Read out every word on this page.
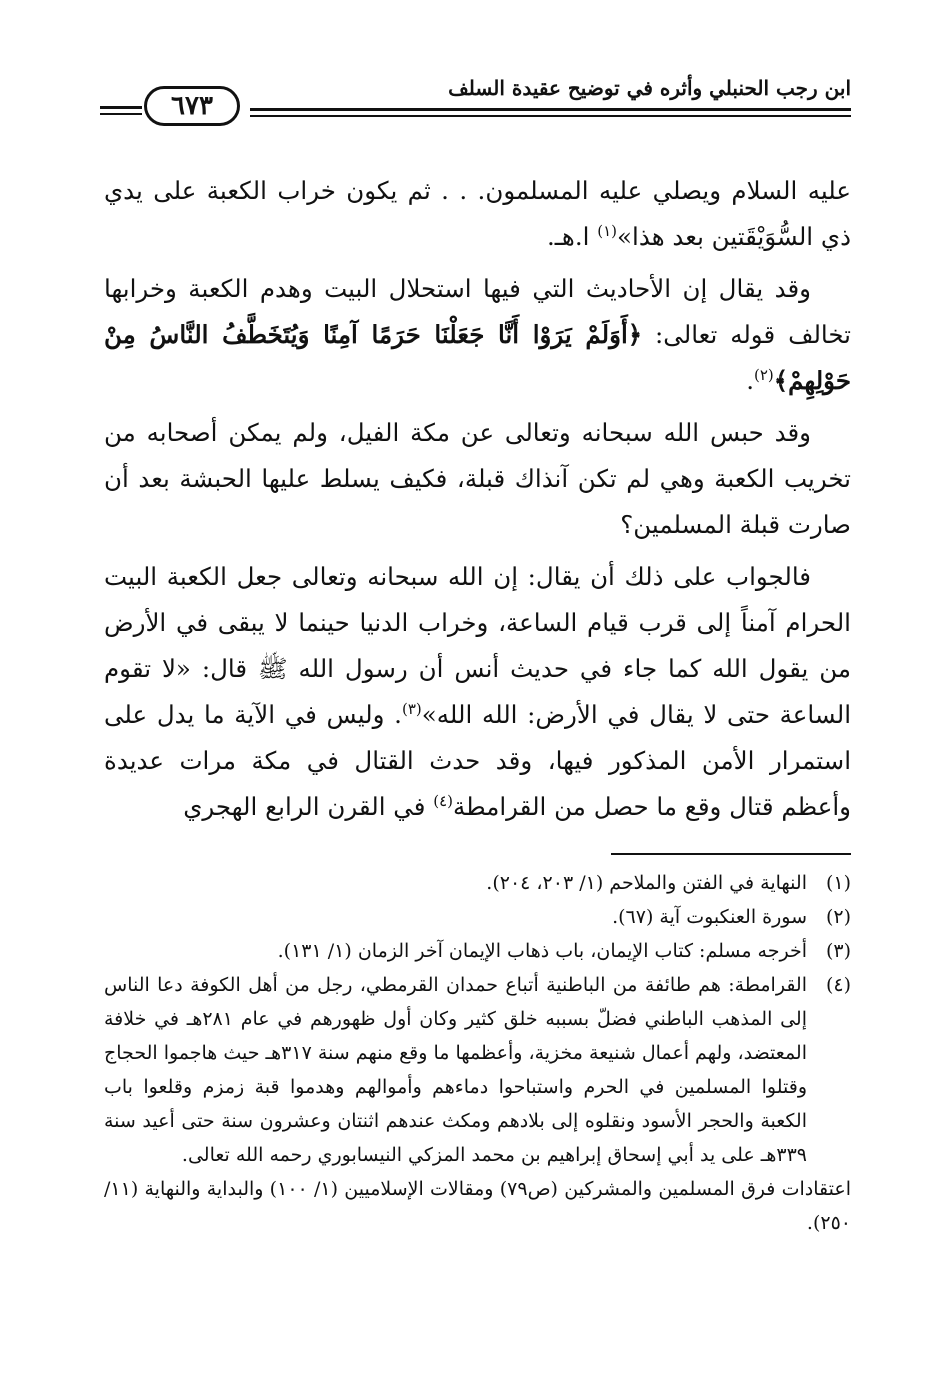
ابن رجب الحنبلي وأثره في توضيح عقيدة السلف
٦٧٣

عليه السلام ويصلي عليه المسلمون. . . ثم يكون خراب الكعبة على يدي ذي السُّوَيْقَتين بعد هذا»$^{(١)}$ ا.هـ.

وقد يقال إن الأحاديث التي فيها استحلال البيت وهدم الكعبة وخرابها تخالف قوله تعالى: ﴿أَوَلَمْ يَرَوْا أَنَّا جَعَلْنَا حَرَمًا آمِنًا وَيُتَخَطَّفُ النَّاسُ مِنْ حَوْلِهِمْ﴾$^{(٢)}$.

وقد حبس الله سبحانه وتعالى عن مكة الفيل، ولم يمكن أصحابه من تخريب الكعبة وهي لم تكن آنذاك قبلة، فكيف يسلط عليها الحبشة بعد أن صارت قبلة المسلمين؟

فالجواب على ذلك أن يقال: إن الله سبحانه وتعالى جعل الكعبة البيت الحرام آمناً إلى قرب قيام الساعة، وخراب الدنيا حينما لا يبقى في الأرض من يقول الله كما جاء في حديث أنس أن رسول الله ﷺ قال: «لا تقوم الساعة حتى لا يقال في الأرض: الله الله»$^{(٣)}$. وليس في الآية ما يدل على استمرار الأمن المذكور فيها، وقد حدث القتال في مكة مرات عديدة وأعظم قتال وقع ما حصل من القرامطة$^{(٤)}$ في القرن الرابع الهجري

(١)
النهاية في الفتن والملاحم (١/ ٢٠٣، ٢٠٤).
(٢)
سورة العنكبوت آية (٦٧).
(٣)
أخرجه مسلم: كتاب الإيمان، باب ذهاب الإيمان آخر الزمان (١/ ١٣١).
(٤)
القرامطة: هم طائفة من الباطنية أتباع حمدان القرمطي، رجل من أهل الكوفة دعا الناس إلى المذهب الباطني فضلّ بسببه خلق كثير وكان أول ظهورهم في عام ٢٨١هـ في خلافة المعتضد، ولهم أعمال شنيعة مخزية، وأعظمها ما وقع منهم سنة ٣١٧هـ حيث هاجموا الحجاج وقتلوا المسلمين في الحرم واستباحوا دماءهم وأموالهم وهدموا قبة زمزم وقلعوا باب الكعبة والحجر الأسود ونقلوه إلى بلادهم ومكث عندهم اثنتان وعشرون سنة حتى أعيد سنة ٣٣٩هـ على يد أبي إسحاق إبراهيم بن محمد المزكي النيسابوري رحمه الله تعالى.
اعتقادات فرق المسلمين والمشركين (ص٧٩) ومقالات الإسلاميين (١/ ١٠٠) والبداية والنهاية (١١/ ٢٥٠).
